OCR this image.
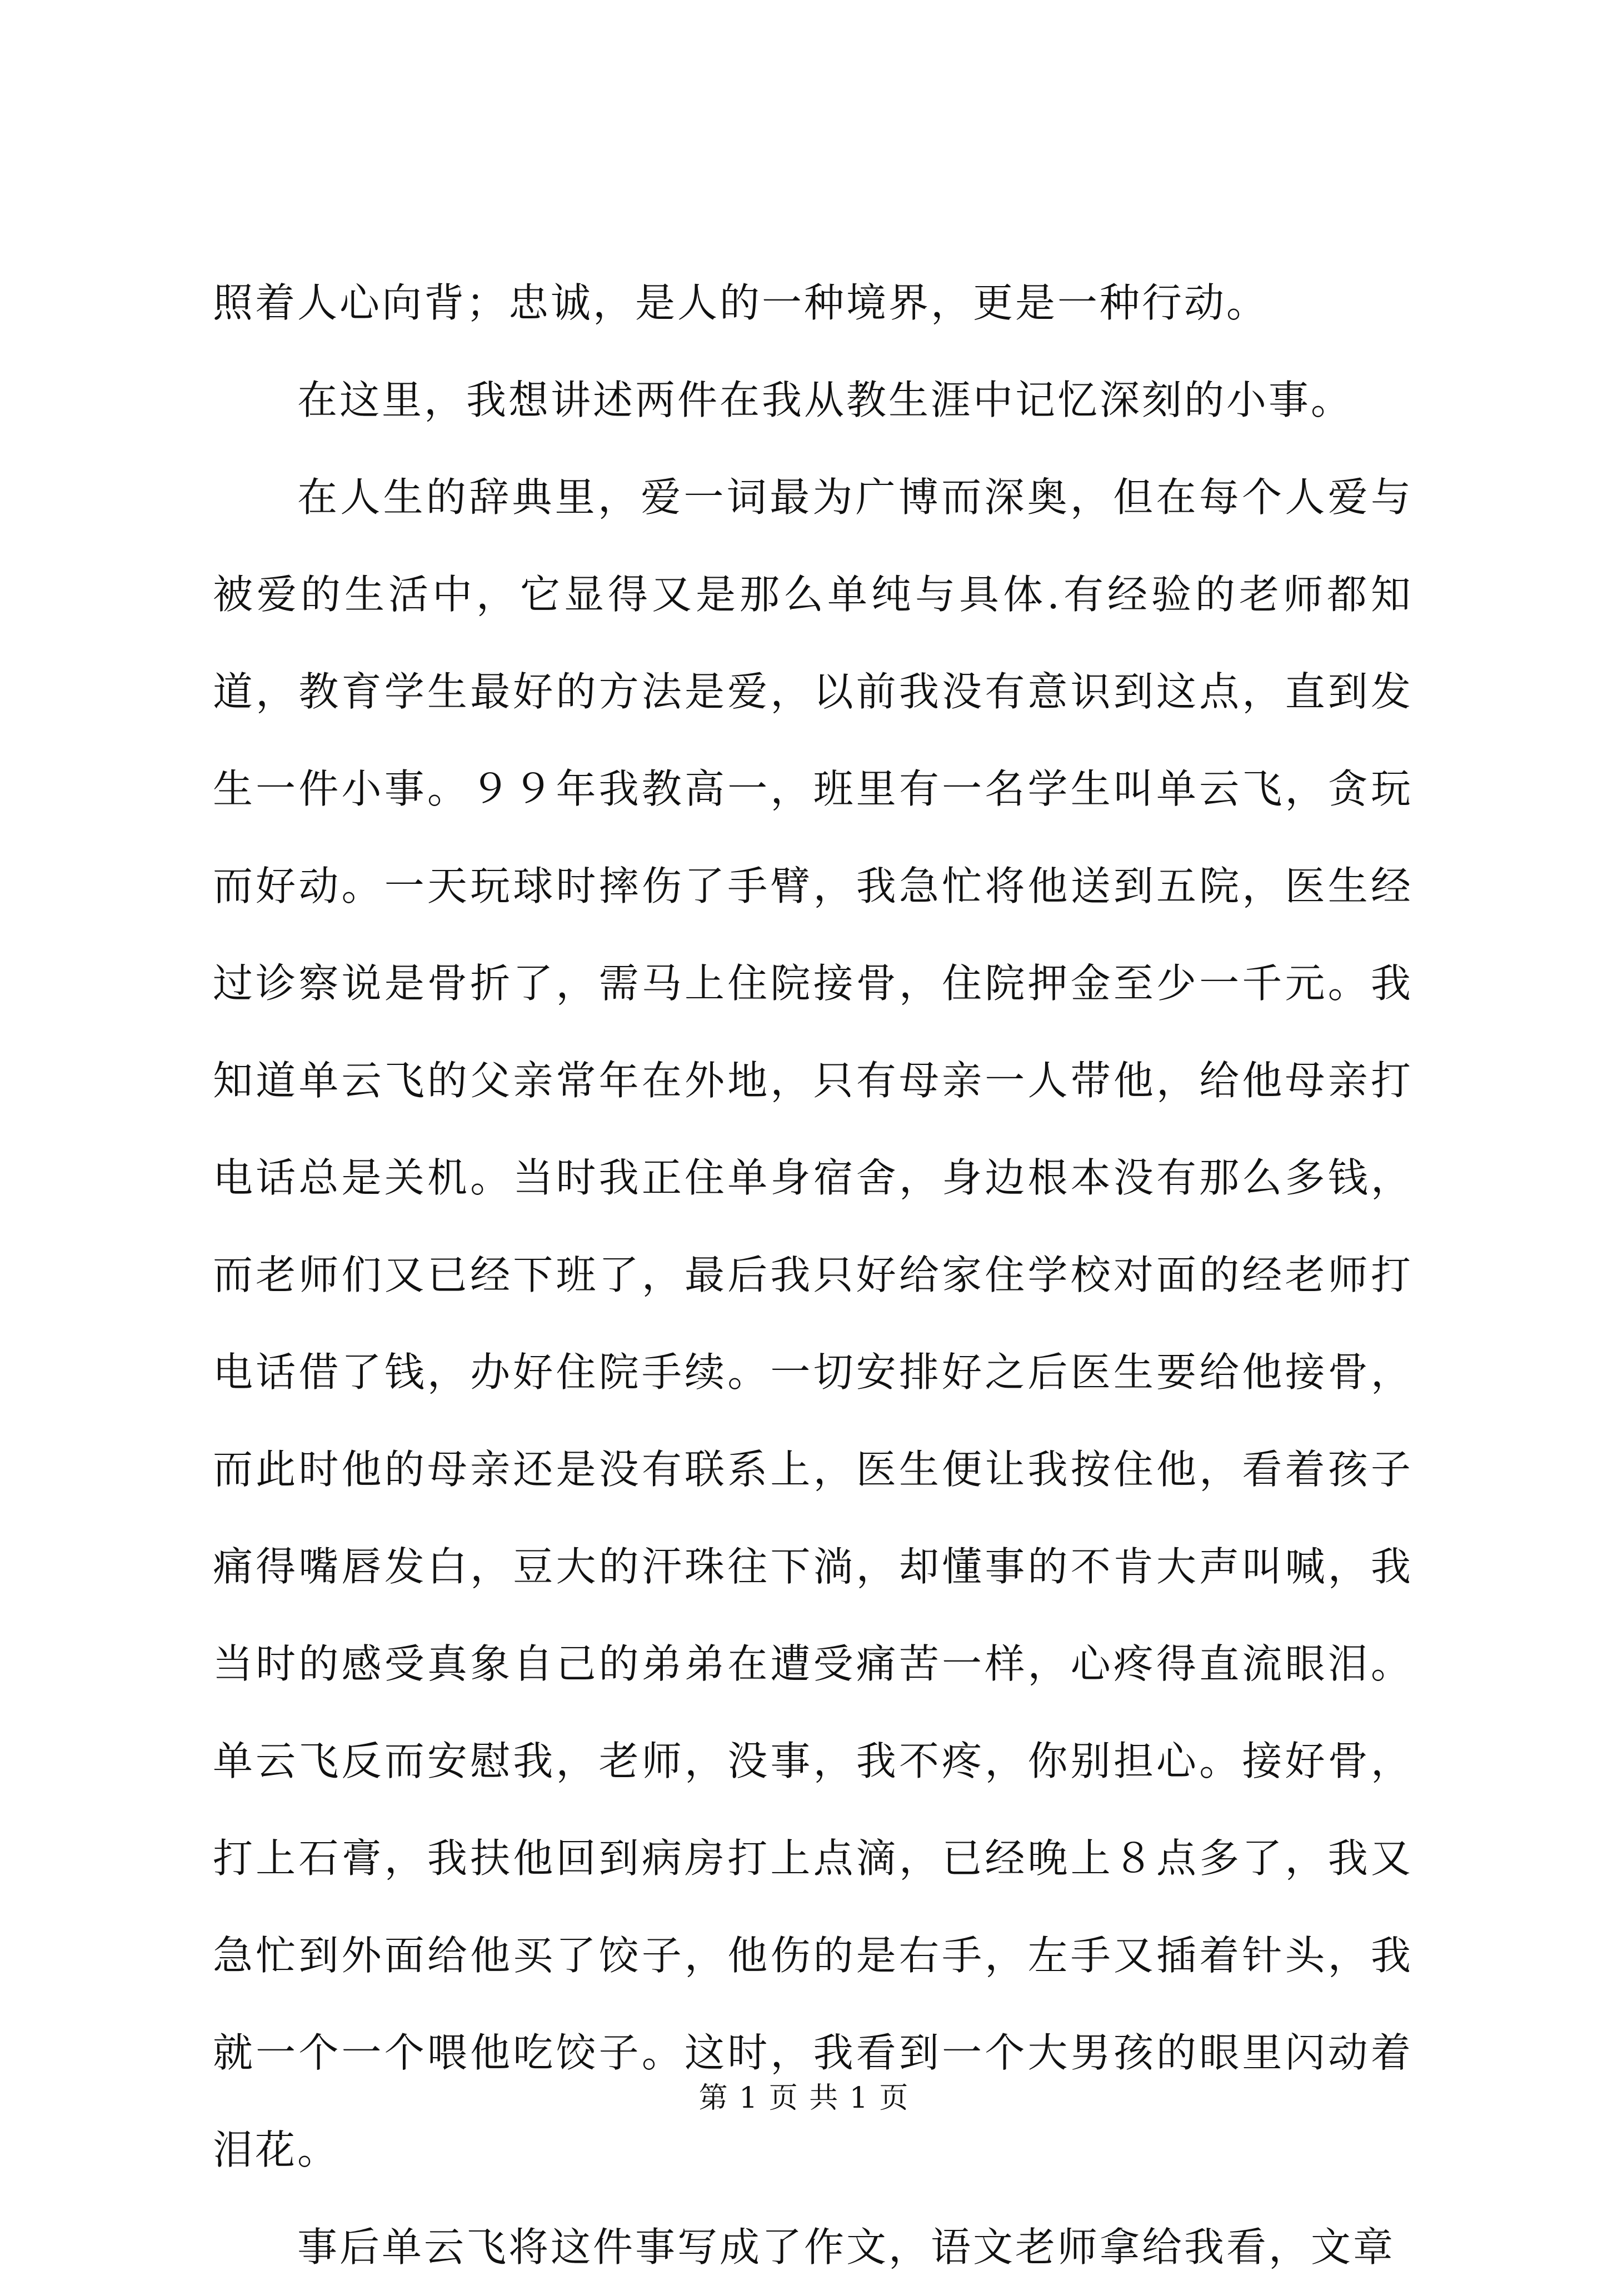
照着人心向背；忠诚，是人的一种境界，更是一种行动。

在这里，我想讲述两件在我从教生涯中记忆深刻的小事。

在人生的辞典里，爱一词最为广博而深奥，但在每个人爱与被爱的生活中，它显得又是那么单纯与具体.有经验的老师都知道，教育学生最好的方法是爱，以前我没有意识到这点，直到发生一件小事。９９年我教高一，班里有一名学生叫单云飞，贪玩而好动。一天玩球时摔伤了手臂，我急忙将他送到五院，医生经过诊察说是骨折了，需马上住院接骨，住院押金至少一千元。我知道单云飞的父亲常年在外地，只有母亲一人带他，给他母亲打电话总是关机。当时我正住单身宿舍，身边根本没有那么多钱，而老师们又已经下班了，最后我只好给家住学校对面的经老师打电话借了钱，办好住院手续。一切安排好之后医生要给他接骨，而此时他的母亲还是没有联系上，医生便让我按住他，看着孩子痛得嘴唇发白，豆大的汗珠往下淌，却懂事的不肯大声叫喊，我当时的感受真象自己的弟弟在遭受痛苦一样，心疼得直流眼泪。单云飞反而安慰我，老师，没事，我不疼，你别担心。接好骨，打上石膏，我扶他回到病房打上点滴，已经晚上８点多了，我又急忙到外面给他买了饺子，他伤的是右手，左手又插着针头，我就一个一个喂他吃饺子。这时，我看到一个大男孩的眼里闪动着泪花。

事后单云飞将这件事写成了作文，语文老师拿给我看，文章

第 1 页 共 1 页
